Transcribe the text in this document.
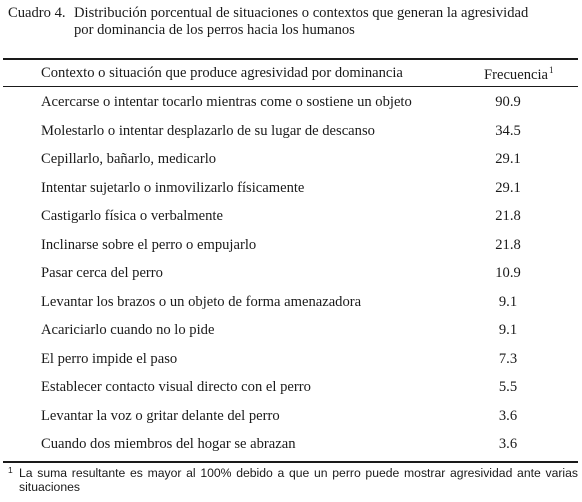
Cuadro 4. Distribución porcentual de situaciones o contextos que generan la agresividad
por dominancia de los perros hacia los humanos
Contexto o situación que produce agresividad por dominancia	Frecuencia$^1$
Acercarse o intentar tocarlo mientras come o sostiene un objeto	90.9
Molestarlo o intentar desplazarlo de su lugar de descanso	34.5
Cepillarlo, bañarlo, medicarlo	29.1
Intentar sujetarlo o inmovilizarlo físicamente	29.1
Castigarlo física o verbalmente	21.8
Inclinarse sobre el perro o empujarlo	21.8
Pasar cerca del perro	10.9
Levantar los brazos o un objeto de forma amenazadora	9.1
Acariciarlo cuando no lo pide	9.1
El perro impide el paso	7.3
Establecer contacto visual directo con el perro	5.5
Levantar la voz o gritar delante del perro	3.6
Cuando dos miembros del hogar se abrazan	3.6
1 La suma resultante es mayor al 100% debido a que un perro puede mostrar agresividad ante varias situaciones
